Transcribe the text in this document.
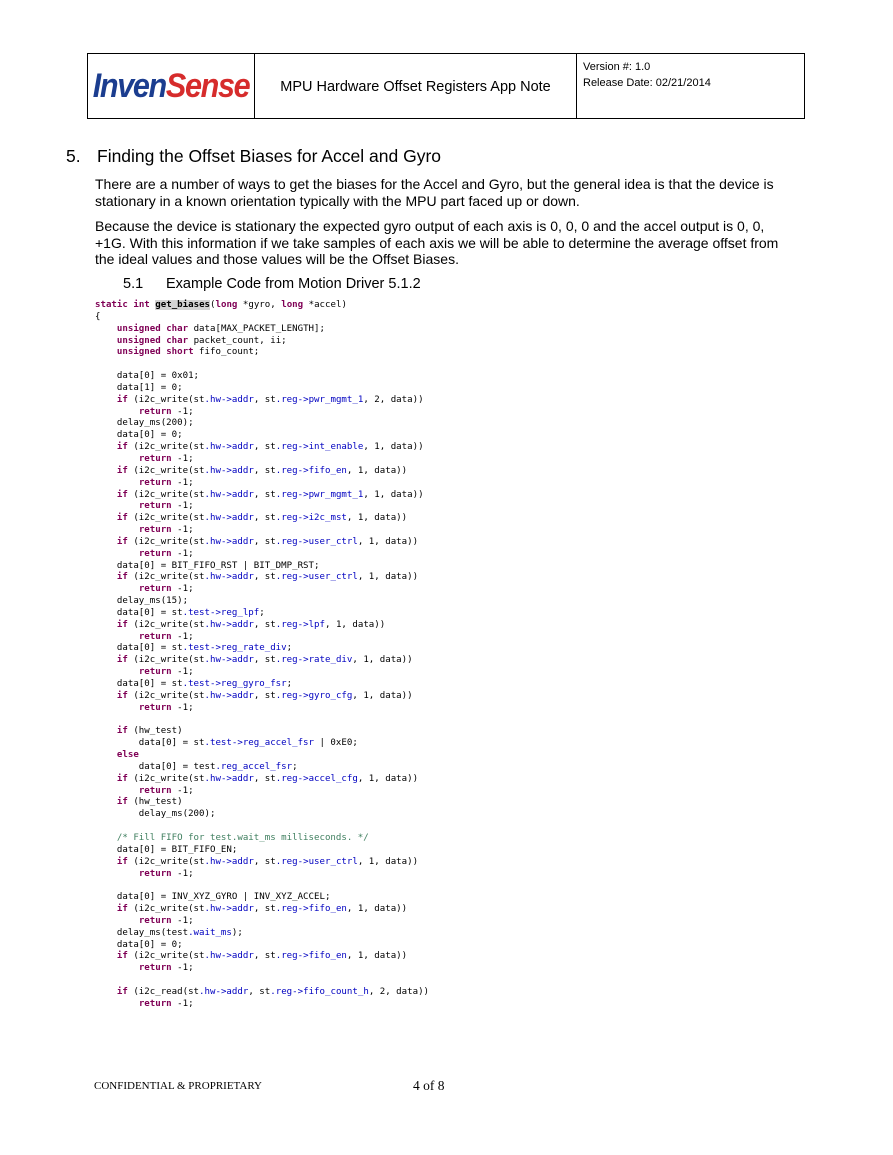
InvenSense	MPU Hardware Offset Registers App Note
Version #: 1.0
Release Date: 02/21/2014
5. Finding the Offset Biases for Accel and Gyro
There are a number of ways to get the biases for the Accel and Gyro, but the general idea is that the device is stationary in a known orientation typically with the MPU part faced up or down.
Because the device is stationary the expected gyro output of each axis is 0, 0, 0 and the accel output is 0, 0, +1G. With this information if we take samples of each axis we will be able to determine the average offset from the ideal values and those values will be the Offset Biases.
5.1 Example Code from Motion Driver 5.1.2
static int get_biases(long *gyro, long *accel)
{
unsigned char data[MAX_PACKET_LENGTH];
unsigned char packet_count, ii;
unsigned short fifo_count;

data[0] = 0x01;
data[1] = 0;
if (i2c_write(st.hw->addr, st.reg->pwr_mgmt_1, 2, data))
return -1;
delay_ms(200);
data[0] = 0;
if (i2c_write(st.hw->addr, st.reg->int_enable, 1, data))
return -1;
if (i2c_write(st.hw->addr, st.reg->fifo_en, 1, data))
return -1;
if (i2c_write(st.hw->addr, st.reg->pwr_mgmt_1, 1, data))
return -1;
if (i2c_write(st.hw->addr, st.reg->i2c_mst, 1, data))
return -1;
if (i2c_write(st.hw->addr, st.reg->user_ctrl, 1, data))
return -1;
data[0] = BIT_FIFO_RST | BIT_DMP_RST;
if (i2c_write(st.hw->addr, st.reg->user_ctrl, 1, data))
return -1;
delay_ms(15);
data[0] = st.test->reg_lpf;
if (i2c_write(st.hw->addr, st.reg->lpf, 1, data))
return -1;
data[0] = st.test->reg_rate_div;
if (i2c_write(st.hw->addr, st.reg->rate_div, 1, data))
return -1;
data[0] = st.test->reg_gyro_fsr;
if (i2c_write(st.hw->addr, st.reg->gyro_cfg, 1, data))
return -1;

if (hw_test)
data[0] = st.test->reg_accel_fsr | 0xE0;
else
data[0] = test.reg_accel_fsr;
if (i2c_write(st.hw->addr, st.reg->accel_cfg, 1, data))
return -1;
if (hw_test)
delay_ms(200);

/* Fill FIFO for test.wait_ms milliseconds. */
data[0] = BIT_FIFO_EN;
if (i2c_write(st.hw->addr, st.reg->user_ctrl, 1, data))
return -1;

data[0] = INV_XYZ_GYRO | INV_XYZ_ACCEL;
if (i2c_write(st.hw->addr, st.reg->fifo_en, 1, data))
return -1;
delay_ms(test.wait_ms);
data[0] = 0;
if (i2c_write(st.hw->addr, st.reg->fifo_en, 1, data))
return -1;

if (i2c_read(st.hw->addr, st.reg->fifo_count_h, 2, data))
return -1;
CONFIDENTIAL & PROPRIETARY	4 of 8
